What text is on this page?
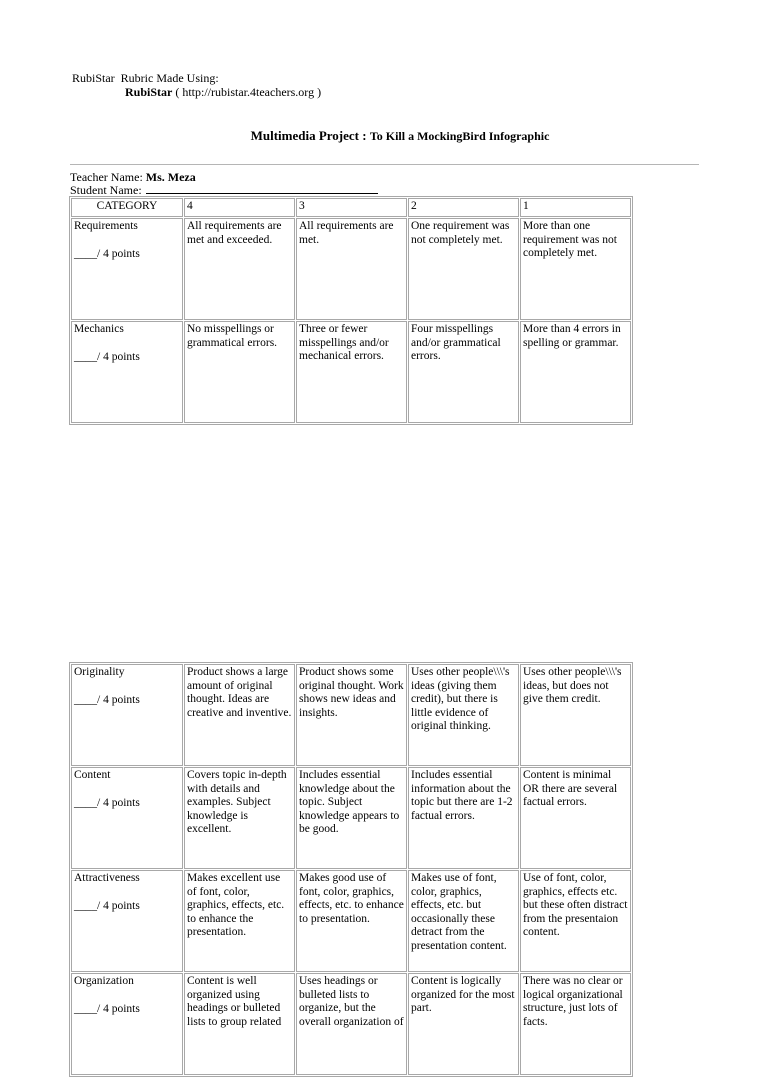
RubiStar Rubric Made Using:
RubiStar ( http://rubistar.4teachers.org )
Multimedia Project : To Kill a MockingBird Infographic
Teacher Name: Ms. Meza
Student Name:
CATEGORY	4	3	2	1
Requirements
____/ 4 points	All requirements are met and exceeded.	All requirements are met.	One requirement was not completely met.	More than one requirement was not completely met.
Mechanics
____/ 4 points	No misspellings or grammatical errors.	Three or fewer misspellings and/or mechanical errors.	Four misspellings and/or grammatical errors.	More than 4 errors in spelling or grammar.
Originality
____/ 4 points	Product shows a large amount of original thought. Ideas are creative and inventive.	Product shows some original thought. Work shows new ideas and insights.	Uses other people\\\'s ideas (giving them credit), but there is little evidence of original thinking.	Uses other people\\\'s ideas, but does not give them credit.
Content
____/ 4 points	Covers topic in-depth with details and examples. Subject knowledge is excellent.	Includes essential knowledge about the topic. Subject knowledge appears to be good.	Includes essential information about the topic but there are 1-2 factual errors.	Content is minimal OR there are several factual errors.
Attractiveness
____/ 4 points	Makes excellent use of font, color, graphics, effects, etc. to enhance the presentation.	Makes good use of font, color, graphics, effects, etc. to enhance to presentation.	Makes use of font, color, graphics, effects, etc. but occasionally these detract from the presentation content.	Use of font, color, graphics, effects etc. but these often distract from the presentaion content.
Organization
____/ 4 points	Content is well organized using headings or bulleted lists to group related	Uses headings or bulleted lists to organize, but the overall organization of	Content is logically organized for the most part.	There was no clear or logical organizational structure, just lots of facts.
